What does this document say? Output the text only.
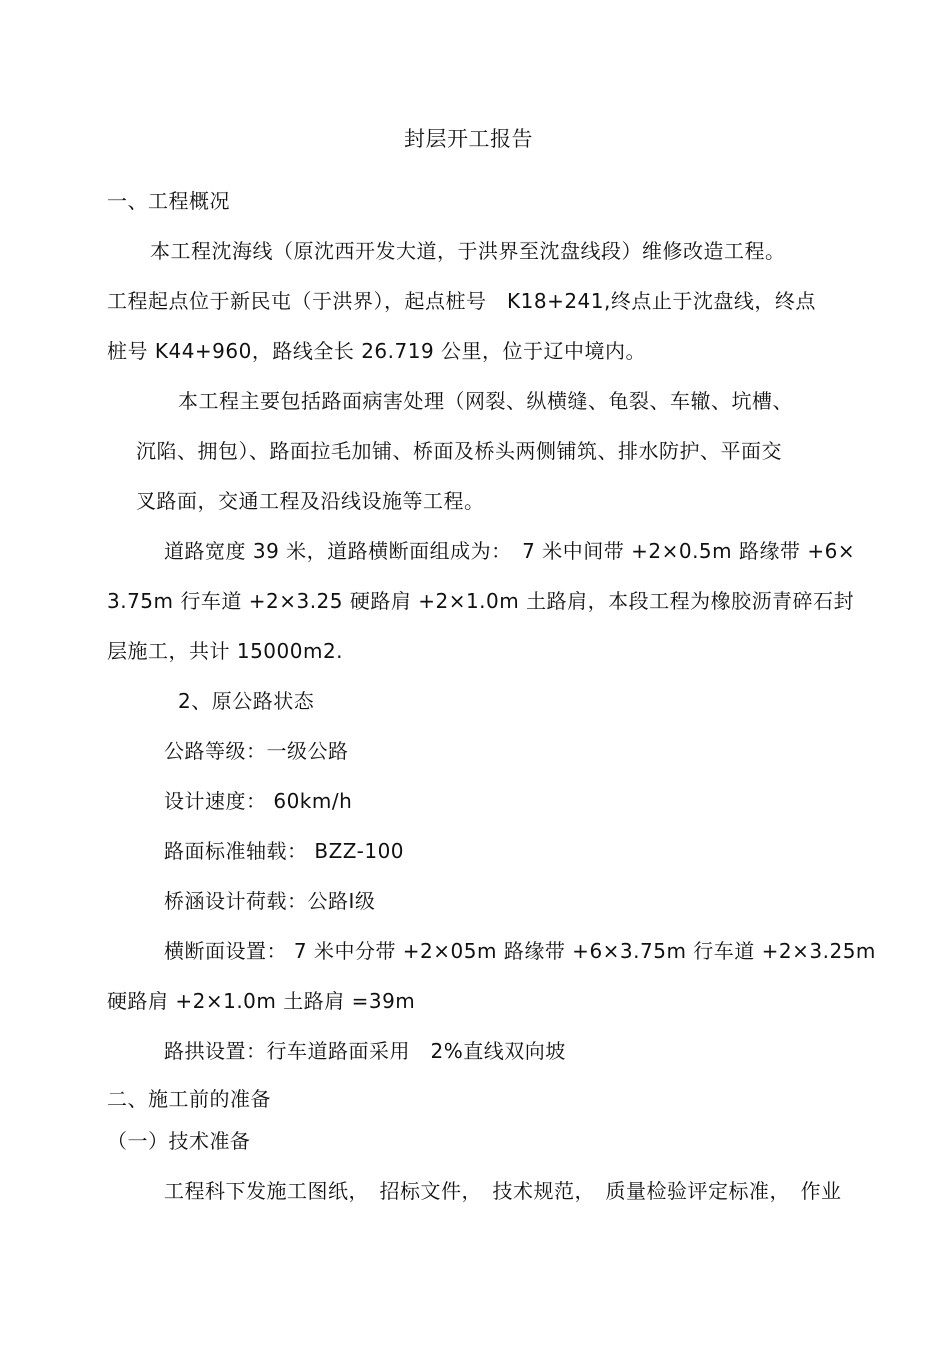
封层开工报告
一、工程概况
本工程沈海线（原沈西开发大道，于洪界至沈盘线段）维修改造工程。
工程起点位于新民屯（于洪界），起点桩号　K18+241,终点止于沈盘线，终点
桩号 K44+960，路线全长 26.719 公里，位于辽中境内。
本工程主要包括路面病害处理（网裂、纵横缝、龟裂、车辙、坑槽、
沉陷、拥包）、路面拉毛加铺、桥面及桥头两侧铺筑、排水防护、平面交
叉路面，交通工程及沿线设施等工程。
道路宽度 39 米，道路横断面组成为：　7 米中间带 +2×0.5m 路缘带 +6×
3.75m 行车道 +2×3.25 硬路肩 +2×1.0m 土路肩，本段工程为橡胶沥青碎石封
层施工，共计 15000m2.
2、原公路状态
公路等级：一级公路
设计速度： 60km/h
路面标准轴载： BZZ-100
桥涵设计荷载：公路Ⅰ级
横断面设置： 7 米中分带 +2×05m 路缘带 +6×3.75m 行车道 +2×3.25m
硬路肩 +2×1.0m 土路肩 =39m
路拱设置：行车道路面采用　2%直线双向坡
二、施工前的准备
（一）技术准备
工程科下发施工图纸，　招标文件，　技术规范，　质量检验评定标准，　作业
